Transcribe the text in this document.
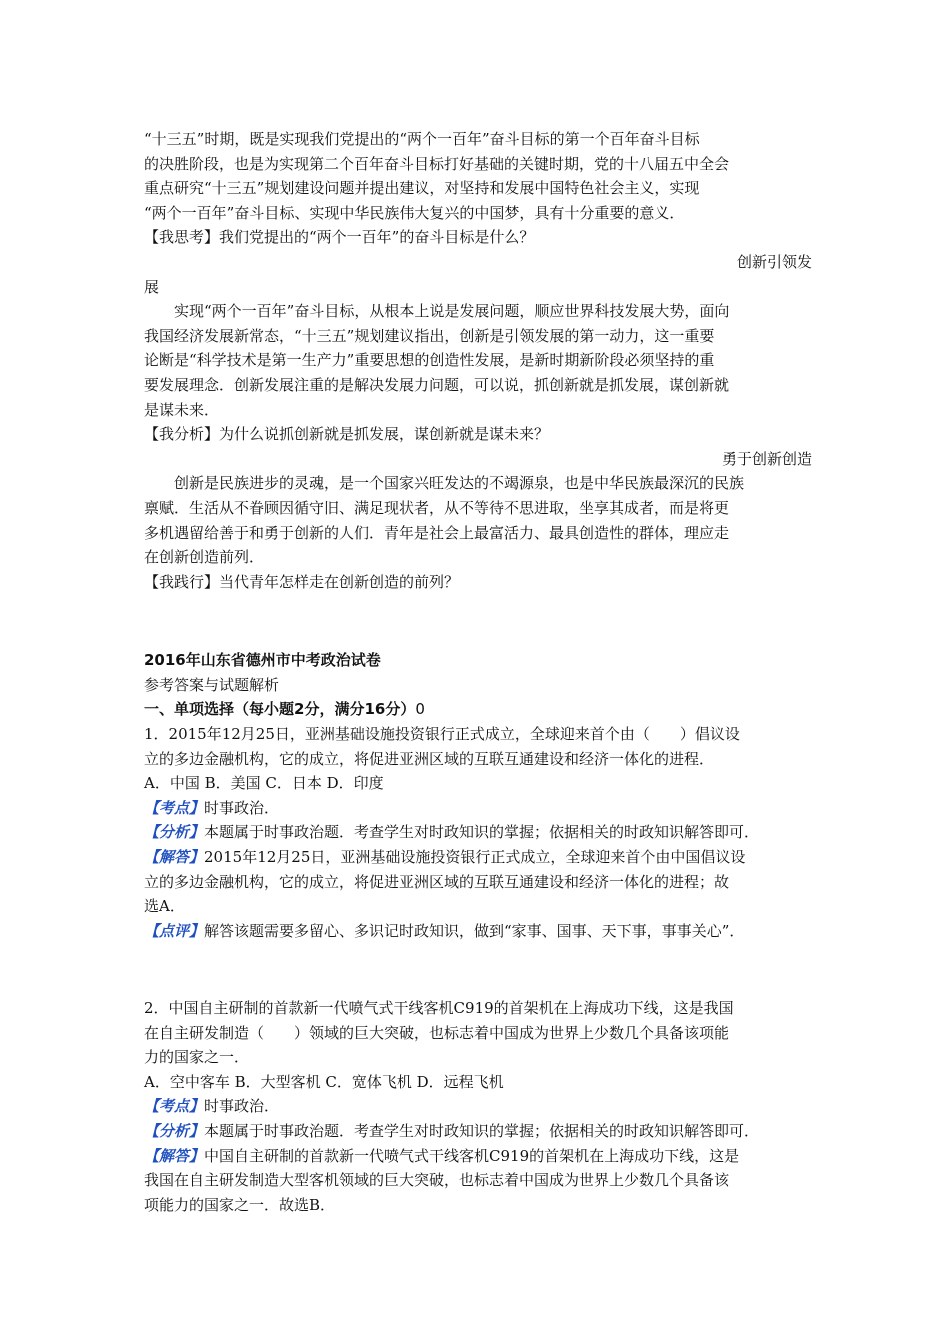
“十三五”时期，既是实现我们党提出的“两个一百年”奋斗目标的第一个百年奋斗目标
的决胜阶段，也是为实现第二个百年奋斗目标打好基础的关键时期，党的十八届五中全会
重点研究“十三五”规划建设问题并提出建议，对坚持和发展中国特色社会主义，实现
“两个一百年”奋斗目标、实现中华民族伟大复兴的中国梦，具有十分重要的意义．
【我思考】我们党提出的“两个一百年”的奋斗目标是什么？
创新引领发
展
实现“两个一百年”奋斗目标，从根本上说是发展问题，顺应世界科技发展大势，面向
我国经济发展新常态，“十三五”规划建议指出，创新是引领发展的第一动力，这一重要
论断是“科学技术是第一生产力”重要思想的创造性发展，是新时期新阶段必须坚持的重
要发展理念．创新发展注重的是解决发展力问题，可以说，抓创新就是抓发展，谋创新就
是谋未来．
【我分析】为什么说抓创新就是抓发展，谋创新就是谋未来？
勇于创新创造
创新是民族进步的灵魂，是一个国家兴旺发达的不竭源泉，也是中华民族最深沉的民族
禀赋．生活从不眷顾因循守旧、满足现状者，从不等待不思进取，坐享其成者，而是将更
多机遇留给善于和勇于创新的人们．青年是社会上最富活力、最具创造性的群体，理应走
在创新创造前列．
【我践行】当代青年怎样走在创新创造的前列？
2016年山东省德州市中考政治试卷
参考答案与试题解析
一、单项选择（每小题2分，满分16分）0
1．2015年12月25日，亚洲基础设施投资银行正式成立，全球迎来首个由（　　）倡议设
立的多边金融机构，它的成立，将促进亚洲区域的互联互通建设和经济一体化的进程．
A．中国 B．美国 C．日本 D．印度
【考点】时事政治．
【分析】本题属于时事政治题．考查学生对时政知识的掌握；依据相关的时政知识解答即可．
【解答】2015年12月25日，亚洲基础设施投资银行正式成立，全球迎来首个由中国倡议设
立的多边金融机构，它的成立，将促进亚洲区域的互联互通建设和经济一体化的进程；故
选A．
【点评】解答该题需要多留心、多识记时政知识，做到“家事、国事、天下事，事事关心”．
2．中国自主研制的首款新一代喷气式干线客机C919的首架机在上海成功下线，这是我国
在自主研发制造（　　）领域的巨大突破，也标志着中国成为世界上少数几个具备该项能
力的国家之一．
A．空中客车 B．大型客机 C．宽体飞机 D．远程飞机
【考点】时事政治．
【分析】本题属于时事政治题．考查学生对时政知识的掌握；依据相关的时政知识解答即可．
【解答】中国自主研制的首款新一代喷气式干线客机C919的首架机在上海成功下线，这是
我国在自主研发制造大型客机领域的巨大突破，也标志着中国成为世界上少数几个具备该
项能力的国家之一．故选B．
